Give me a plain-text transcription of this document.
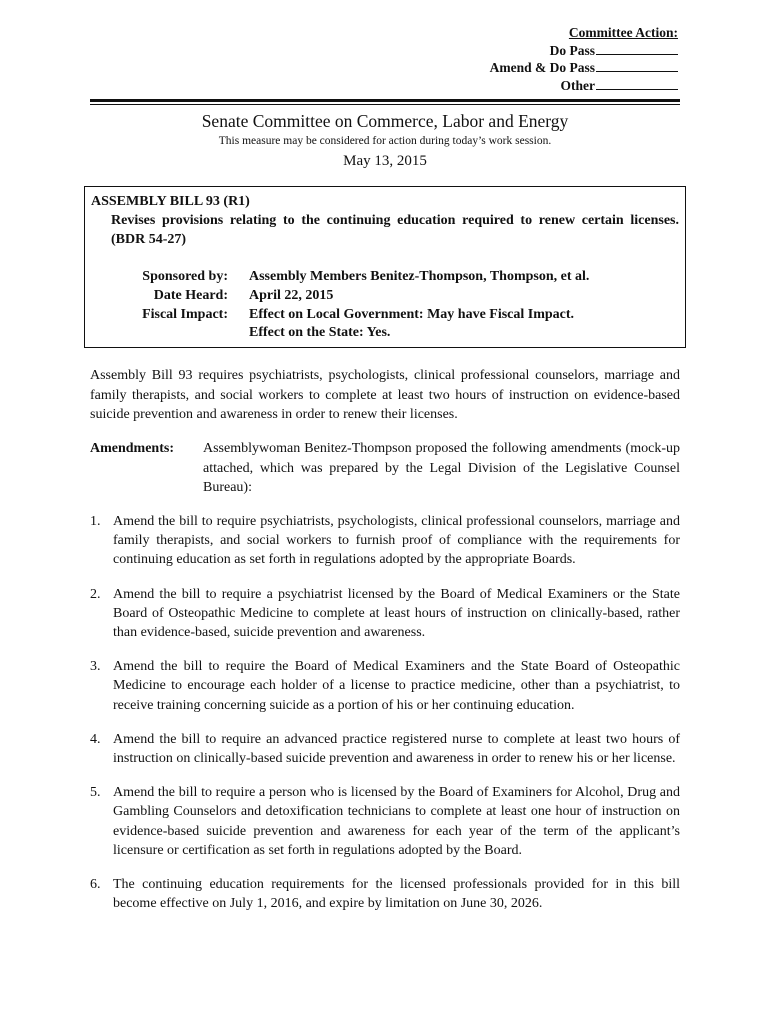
Committee Action:
Do Pass
Amend & Do Pass
Other
Senate Committee on Commerce, Labor and Energy
This measure may be considered for action during today’s work session.
May 13, 2015
ASSEMBLY BILL 93 (R1)
Revises provisions relating to the continuing education required to renew certain licenses. (BDR 54-27)
Sponsored by: Assembly Members Benitez-Thompson, Thompson, et al.
Date Heard: April 22, 2015
Fiscal Impact: Effect on Local Government: May have Fiscal Impact.
Effect on the State: Yes.
Assembly Bill 93 requires psychiatrists, psychologists, clinical professional counselors, marriage and family therapists, and social workers to complete at least two hours of instruction on evidence-based suicide prevention and awareness in order to renew their licenses.
Amendments: Assemblywoman Benitez-Thompson proposed the following amendments (mock-up attached, which was prepared by the Legal Division of the Legislative Counsel Bureau):
1. Amend the bill to require psychiatrists, psychologists, clinical professional counselors, marriage and family therapists, and social workers to furnish proof of compliance with the requirements for continuing education as set forth in regulations adopted by the appropriate Boards.
2. Amend the bill to require a psychiatrist licensed by the Board of Medical Examiners or the State Board of Osteopathic Medicine to complete at least hours of instruction on clinically-based, rather than evidence-based, suicide prevention and awareness.
3. Amend the bill to require the Board of Medical Examiners and the State Board of Osteopathic Medicine to encourage each holder of a license to practice medicine, other than a psychiatrist, to receive training concerning suicide as a portion of his or her continuing education.
4. Amend the bill to require an advanced practice registered nurse to complete at least two hours of instruction on clinically-based suicide prevention and awareness in order to renew his or her license.
5. Amend the bill to require a person who is licensed by the Board of Examiners for Alcohol, Drug and Gambling Counselors and detoxification technicians to complete at least one hour of instruction on evidence-based suicide prevention and awareness for each year of the term of the applicant’s licensure or certification as set forth in regulations adopted by the Board.
6. The continuing education requirements for the licensed professionals provided for in this bill become effective on July 1, 2016, and expire by limitation on June 30, 2026.
